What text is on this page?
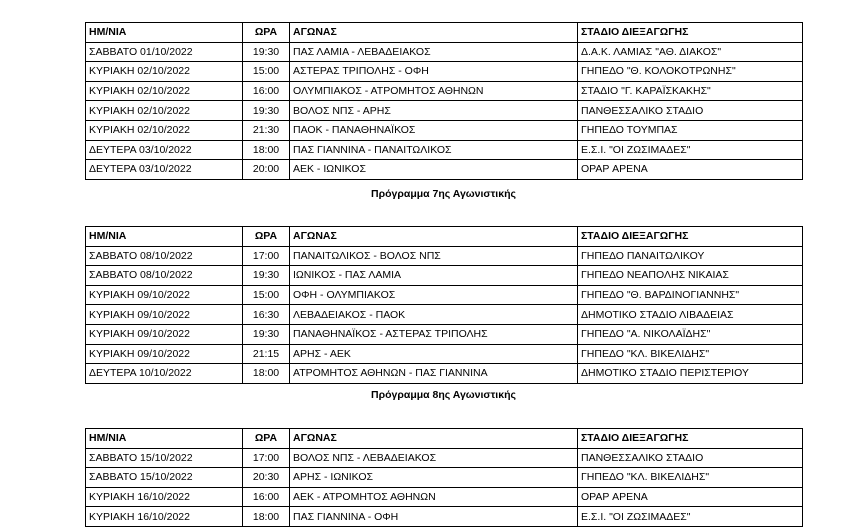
ΗΜ/ΝΙΑ	ΩΡΑ	ΑΓΩΝΑΣ	ΣΤΑΔΙΟ ΔΙΕΞΑΓΩΓΗΣ
ΣΑΒΒΑΤΟ 01/10/2022	19:30	ΠΑΣ ΛΑΜΙΑ - ΛΕΒΑΔΕΙΑΚΟΣ	Δ.Α.Κ. ΛΑΜΙΑΣ "ΑΘ. ΔΙΑΚΟΣ"
ΚΥΡΙΑΚΗ 02/10/2022	15:00	ΑΣΤΕΡΑΣ ΤΡΙΠΟΛΗΣ - ΟΦΗ	ΓΗΠΕΔΟ "Θ. ΚΟΛΟΚΟΤΡΩΝΗΣ"
ΚΥΡΙΑΚΗ 02/10/2022	16:00	ΟΛΥΜΠΙΑΚΟΣ - ΑΤΡΟΜΗΤΟΣ ΑΘΗΝΩΝ	ΣΤΑΔΙΟ "Γ. ΚΑΡΑΪΣΚΑΚΗΣ"
ΚΥΡΙΑΚΗ 02/10/2022	19:30	ΒΟΛΟΣ ΝΠΣ - ΑΡΗΣ	ΠΑΝΘΕΣΣΑΛΙΚΟ ΣΤΑΔΙΟ
ΚΥΡΙΑΚΗ 02/10/2022	21:30	ΠΑΟΚ - ΠΑΝΑΘΗΝΑΪΚΟΣ	ΓΗΠΕΔΟ ΤΟΥΜΠΑΣ
ΔΕΥΤΕΡΑ 03/10/2022	18:00	ΠΑΣ ΓΙΑΝΝΙΝΑ - ΠΑΝΑΙΤΩΛΙΚΟΣ	Ε.Σ.Ι. "ΟΙ ΖΩΣΙΜΑΔΕΣ"
ΔΕΥΤΕΡΑ 03/10/2022	20:00	ΑΕΚ - ΙΩΝΙΚΟΣ	OPAP ΑΡΕΝΑ
Πρόγραμμα 7ης Αγωνιστικής
ΗΜ/ΝΙΑ	ΩΡΑ	ΑΓΩΝΑΣ	ΣΤΑΔΙΟ ΔΙΕΞΑΓΩΓΗΣ
ΣΑΒΒΑΤΟ 08/10/2022	17:00	ΠΑΝΑΙΤΩΛΙΚΟΣ - ΒΟΛΟΣ ΝΠΣ	ΓΗΠΕΔΟ ΠΑΝΑΙΤΩΛΙΚΟΥ
ΣΑΒΒΑΤΟ 08/10/2022	19:30	ΙΩΝΙΚΟΣ - ΠΑΣ ΛΑΜΙΑ	ΓΗΠΕΔΟ ΝΕΑΠΟΛΗΣ ΝΙΚΑΙΑΣ
ΚΥΡΙΑΚΗ 09/10/2022	15:00	ΟΦΗ - ΟΛΥΜΠΙΑΚΟΣ	ΓΗΠΕΔΟ "Θ. ΒΑΡΔΙΝΟΓΙΑΝΝΗΣ"
ΚΥΡΙΑΚΗ 09/10/2022	16:30	ΛΕΒΑΔΕΙΑΚΟΣ - ΠΑΟΚ	ΔΗΜΟΤΙΚΟ ΣΤΑΔΙΟ ΛΙΒΑΔΕΙΑΣ
ΚΥΡΙΑΚΗ 09/10/2022	19:30	ΠΑΝΑΘΗΝΑΪΚΟΣ - ΑΣΤΕΡΑΣ ΤΡΙΠΟΛΗΣ	ΓΗΠΕΔΟ "Α. ΝΙΚΟΛΑΪΔΗΣ"
ΚΥΡΙΑΚΗ 09/10/2022	21:15	ΑΡΗΣ - ΑΕΚ	ΓΗΠΕΔΟ "ΚΛ. ΒΙΚΕΛΙΔΗΣ"
ΔΕΥΤΕΡΑ 10/10/2022	18:00	ΑΤΡΟΜΗΤΟΣ ΑΘΗΝΩΝ - ΠΑΣ ΓΙΑΝΝΙΝΑ	ΔΗΜΟΤΙΚΟ ΣΤΑΔΙΟ ΠΕΡΙΣΤΕΡΙΟΥ
Πρόγραμμα 8ης Αγωνιστικής
ΗΜ/ΝΙΑ	ΩΡΑ	ΑΓΩΝΑΣ	ΣΤΑΔΙΟ ΔΙΕΞΑΓΩΓΗΣ
ΣΑΒΒΑΤΟ 15/10/2022	17:00	ΒΟΛΟΣ ΝΠΣ - ΛΕΒΑΔΕΙΑΚΟΣ	ΠΑΝΘΕΣΣΑΛΙΚΟ ΣΤΑΔΙΟ
ΣΑΒΒΑΤΟ 15/10/2022	20:30	ΑΡΗΣ - ΙΩΝΙΚΟΣ	ΓΗΠΕΔΟ "ΚΛ. ΒΙΚΕΛΙΔΗΣ"
ΚΥΡΙΑΚΗ 16/10/2022	16:00	ΑΕΚ - ΑΤΡΟΜΗΤΟΣ ΑΘΗΝΩΝ	OPAP ΑΡΕΝΑ
ΚΥΡΙΑΚΗ 16/10/2022	18:00	ΠΑΣ ΓΙΑΝΝΙΝΑ - ΟΦΗ	Ε.Σ.Ι. "ΟΙ ΖΩΣΙΜΑΔΕΣ"
